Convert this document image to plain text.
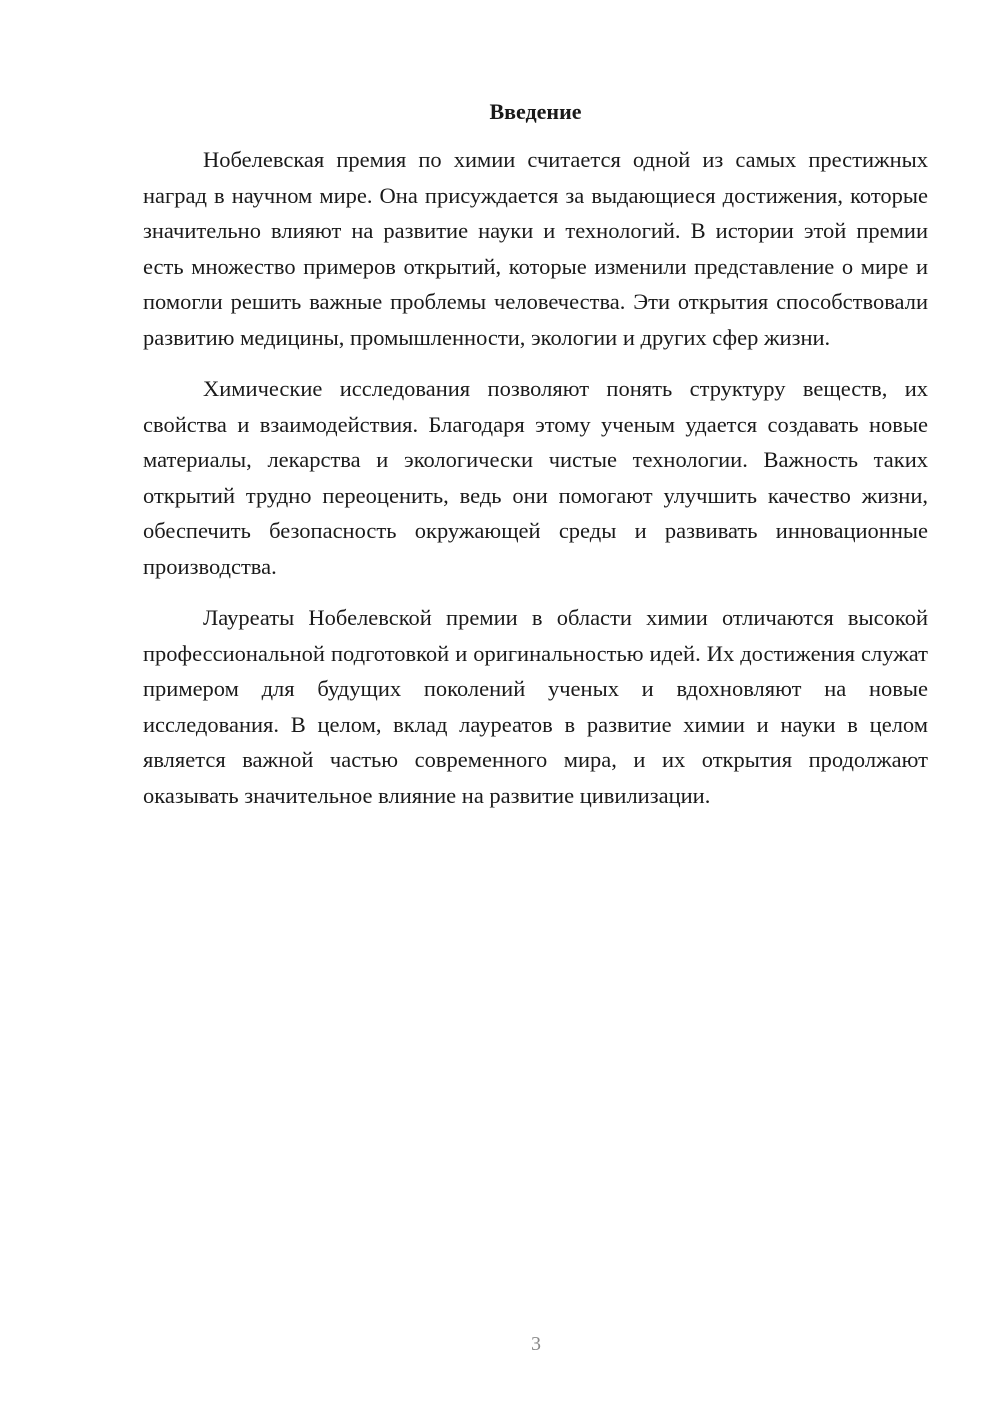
Введение

Нобелевская премия по химии считается одной из самых престижных наград в научном мире. Она присуждается за выдающиеся достижения, которые значительно влияют на развитие науки и технологий. В истории этой премии есть множество примеров открытий, которые изменили представление о мире и помогли решить важные проблемы человечества. Эти открытия способствовали развитию медицины, промышленности, экологии и других сфер жизни.

Химические исследования позволяют понять структуру веществ, их свойства и взаимодействия. Благодаря этому ученым удается создавать новые материалы, лекарства и экологически чистые технологии. Важность таких открытий трудно переоценить, ведь они помогают улучшить качество жизни, обеспечить безопасность окружающей среды и развивать инновационные производства.

Лауреаты Нобелевской премии в области химии отличаются высокой профессиональной подготовкой и оригинальностью идей. Их достижения служат примером для будущих поколений ученых и вдохновляют на новые исследования. В целом, вклад лауреатов в развитие химии и науки в целом является важной частью современного мира, и их открытия продолжают оказывать значительное влияние на развитие цивилизации.

3
